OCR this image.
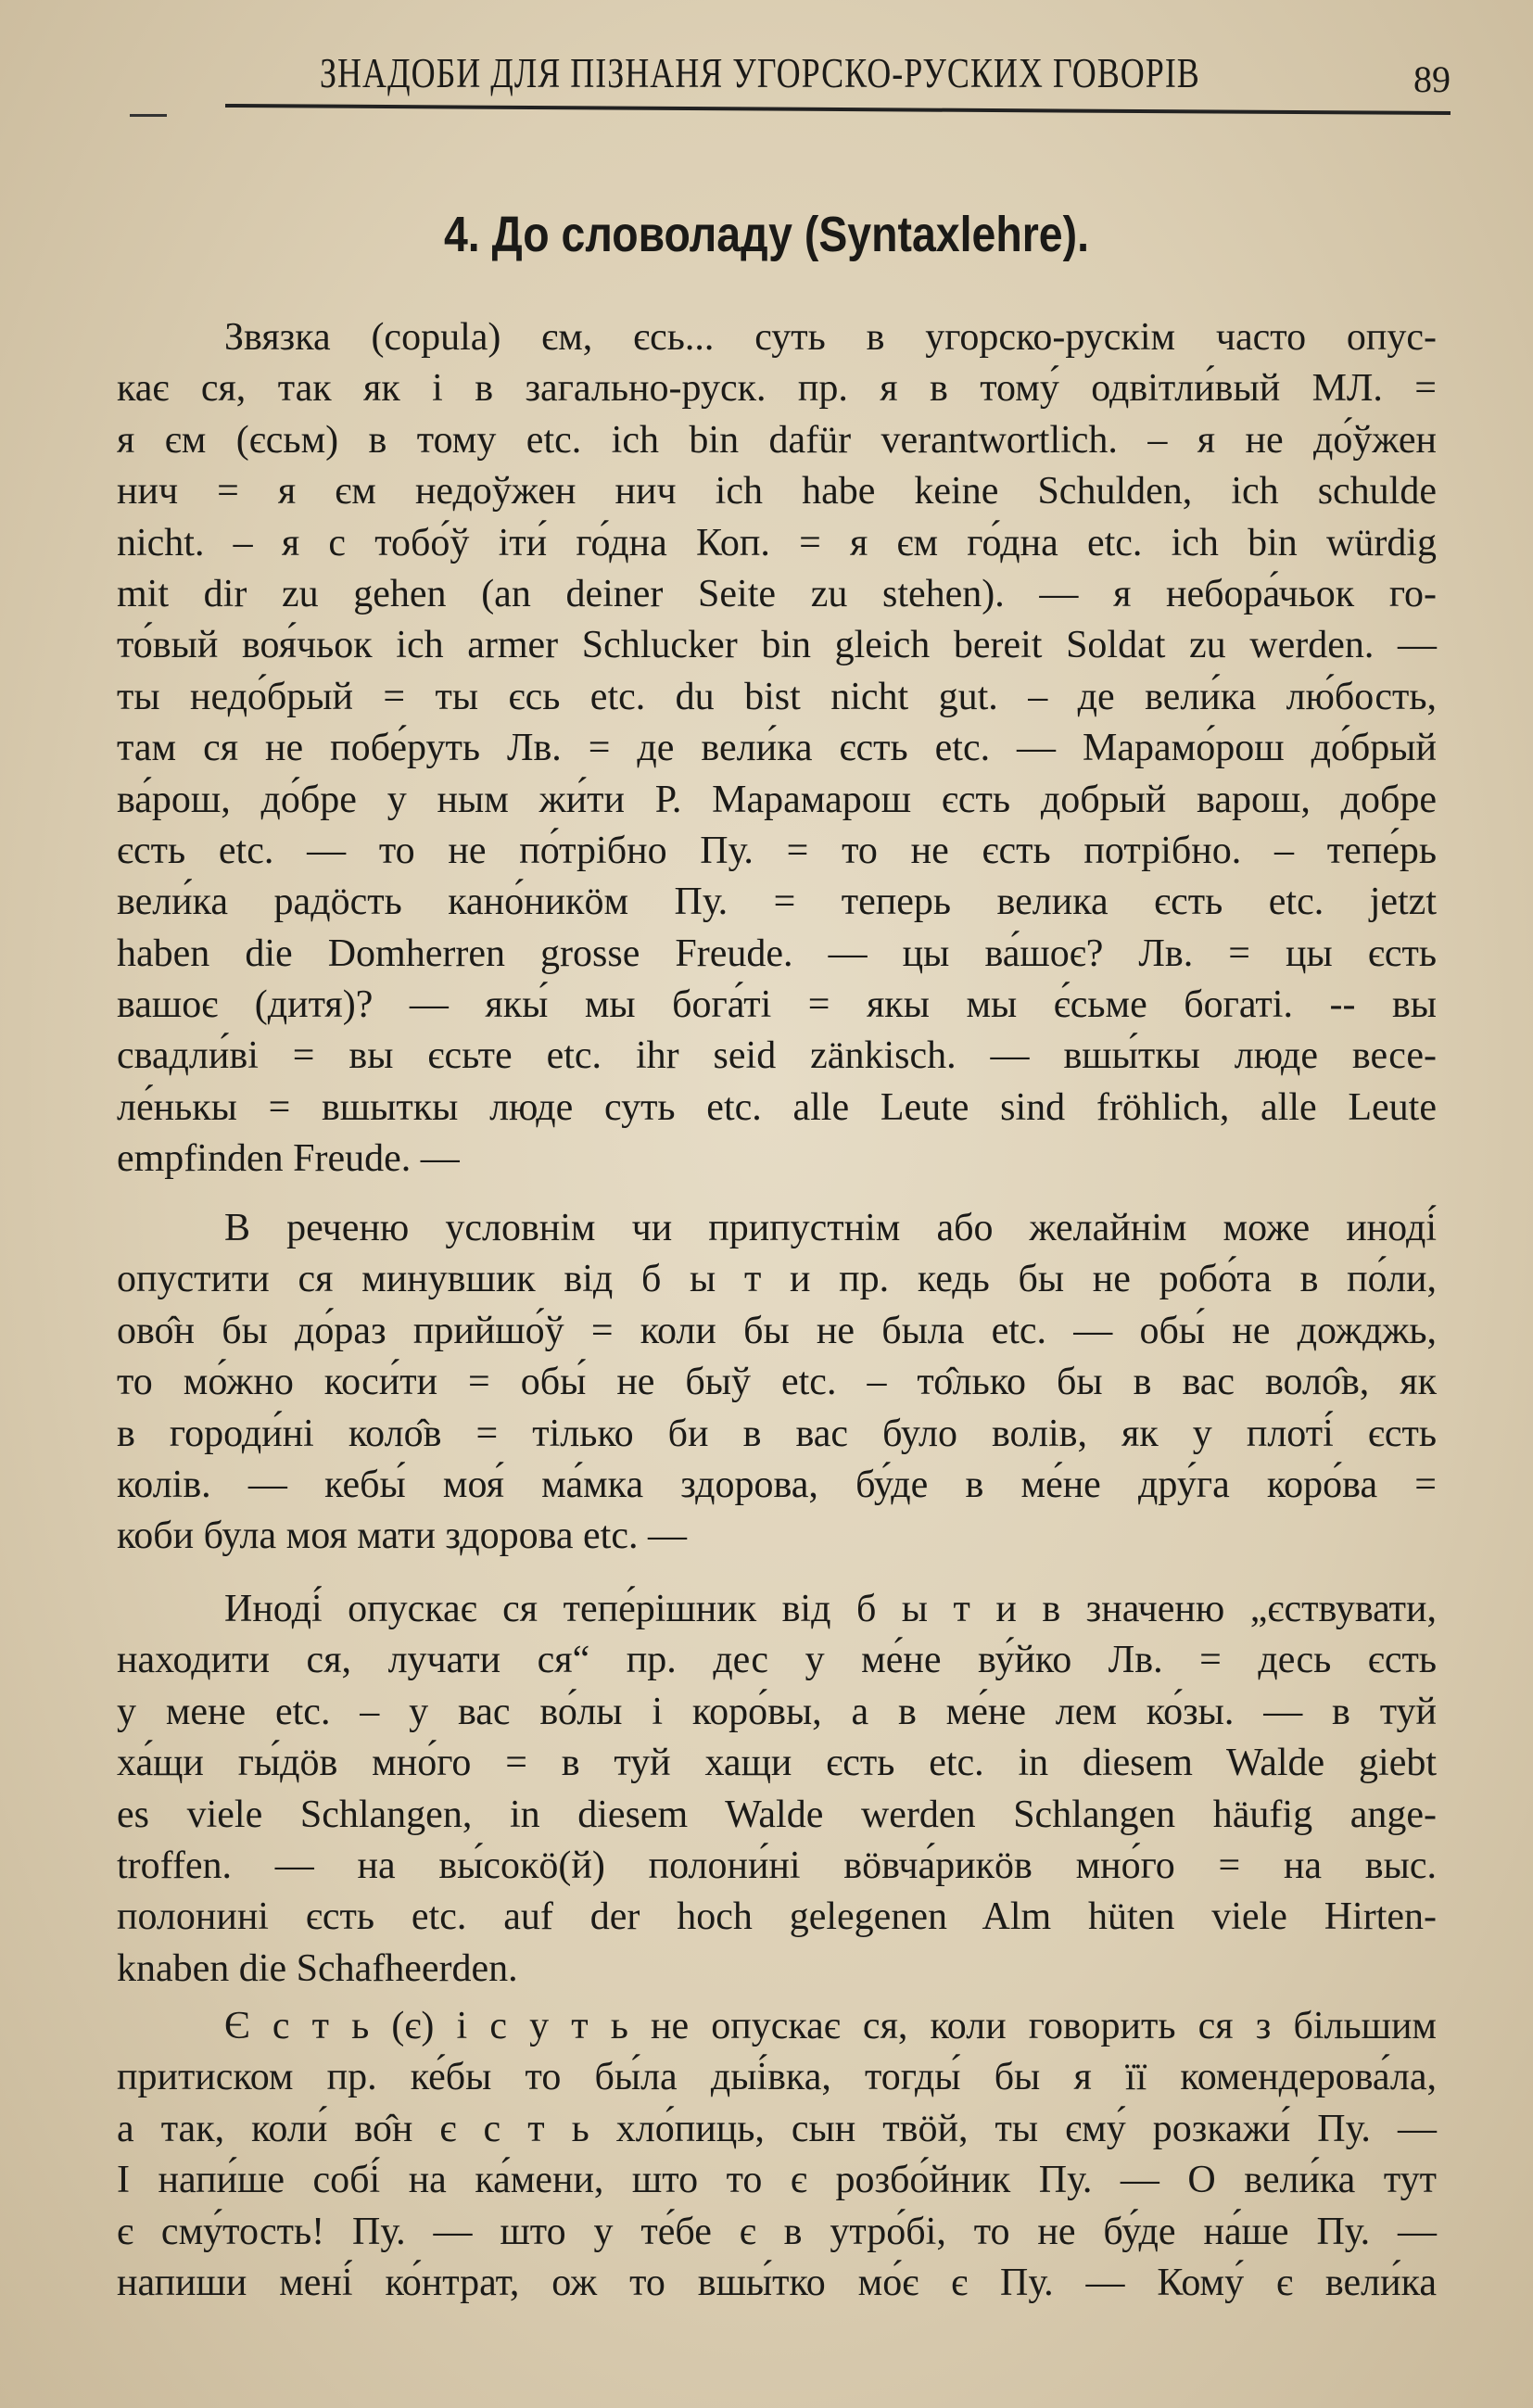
ЗНАДОБИ ДЛЯ ПІЗНАНЯ УГОРСКО-РУСКИХ ГОВОРІВ	89
4. До словоладу (Syntaxlehre).
Звязка (copula) єм, єсь... суть в угорско-рускім часто опус-
кає ся, так як і в загально-руск. пр. я в тому́ одвітли́вый МЛ. =
я єм (єсьм) в тому etc. ich bin dafür verantwortlich. – я не до́ўжен
нич = я єм недоўжен нич ich habe keine Schulden, ich schulde
nicht. – я с тобо́ў іти́ го́дна Коп. = я єм го́дна etc. ich bin würdig
mit dir zu gehen (an deiner Seite zu stehen). — я небора́чьок го-
то́вый воя́чьок ich armer Schlucker bin gleich bereit Soldat zu werden. —
ты недо́брый = ты єсь etc. du bist nicht gut. – де вели́ка лю́бость,
там ся не побе́руть Лв. = де вели́ка єсть etc. — Марамо́рош до́брый
ва́рош, до́бре у ным жи́ти Р. Марамарош єсть добрый варош, добре
єсть etc. — то не по́трібно Пу. = то не єсть потрібно. – тепе́рь
вели́ка радӧсть кано́никӧм Пу. = теперь велика єсть etc. jetzt
haben die Domherren grosse Freude. — цы ва́шоє? Лв. = цы єсть
вашоє (дитя)? — якы́ мы бога́ті = якы мы є́сьме богаті. -- вы
свадли́ві = вы єсьте etc. ihr seid zänkisch. — вшы́ткы люде весе-
ле́нькы = вшыткы люде суть etc. alle Leute sind fröhlich, alle Leute
empfinden Freude. —
В реченю условнім чи припустнім або желайнім може иноді́
опустити ся минувшик від б ы т и пр. кедь бы не робо́та в по́ли,
ово̂н бы до́раз прийшо́ў = коли бы не была etc. — обы́ не дождж​ь,
то мо́жно коси́ти = обы́ не быў etc. – то̂лько бы в вас воло̂в, як
в городи́ні коло̂в = тілько би в вас було волів, як у плоті́ єсть
колів. — кебы́ моя́ ма́мка здорова, бу́де в ме́не дру́га коро́ва =
коби була моя мати здорова etc. —
Иноді́ опускає ся тепе́рішник від б ы т и в значеню „єствувати,
находити ся, лучати ся“ пр. дес у ме́не ву́йко Лв. = десь єсть
у мене etc. – у вас во́лы і коро́вы, а в ме́не лем ко́зы. — в туй
ха́щи гы́дӧв мно́го = в туй хащи єсть etc. in diesem Walde giebt
es viele Schlangen, in diesem Walde werden Schlangen häufig ange-
troffen. — на вы́сокӧ(й) полони́ні вӧвча́рикӧв мно́го = на выс.
полонині єсть etc. auf der hoch gelegenen Alm hüten viele Hirten-
knaben die Schafheerden.
Є с т ь (є) і с у т ь не опускає ся, коли говорить ся з більшим
притиском пр. ке́бы то бы́ла дыі́вка, тогды́ бы я її комендерова́ла,
а так, коли́ во̂н є с т ь хло́пиць, сын твӧй, ты єму́ розкажи́ Пу. —
І напи́ше собі́ на ка́мени, што то є розбо́йник Пу. — О вели́ка тут
є сму́тость! Пу. — што у те́бе є в утро́бі, то не бу́де на́ше Пу. —
напиши мені́ ко́нтрат, ож то вшы́тко мо́є є Пу. — Кому́ є вели́ка
